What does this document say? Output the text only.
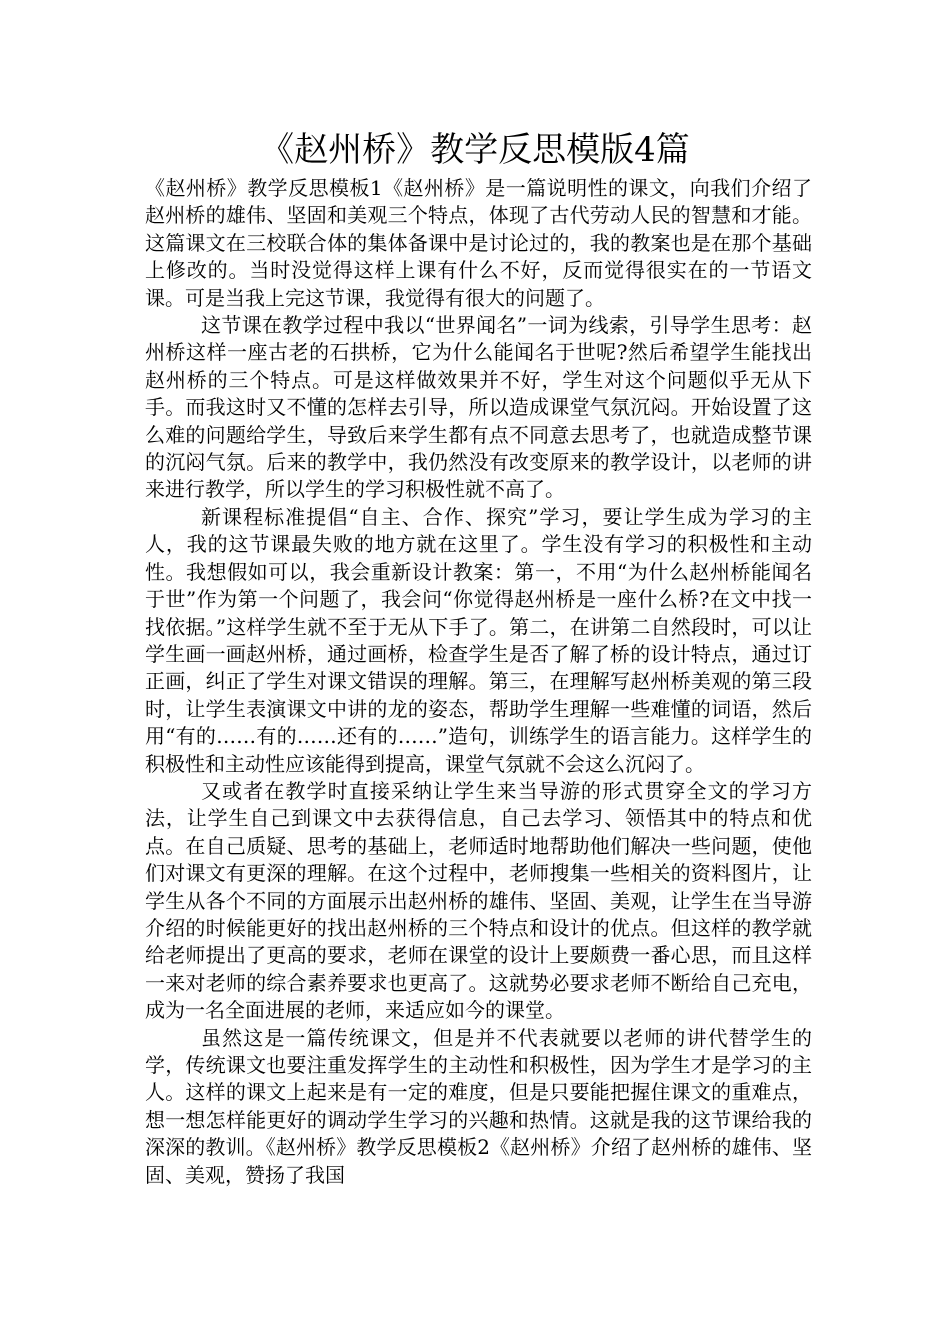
《赵州桥》教学反思模版4篇

《赵州桥》教学反思模板1《赵州桥》是一篇说明性的课文，向我们介绍了赵州桥的雄伟、坚固和美观三个特点，体现了古代劳动人民的智慧和才能。这篇课文在三校联合体的集体备课中是讨论过的，我的教案也是在那个基础上修改的。当时没觉得这样上课有什么不好，反而觉得很实在的一节语文课。可是当我上完这节课，我觉得有很大的问题了。

这节课在教学过程中我以“世界闻名”一词为线索，引导学生思考：赵州桥这样一座古老的石拱桥，它为什么能闻名于世呢?然后希望学生能找出赵州桥的三个特点。可是这样做效果并不好，学生对这个问题似乎无从下手。而我这时又不懂的怎样去引导，所以造成课堂气氛沉闷。开始设置了这么难的问题给学生，导致后来学生都有点不同意去思考了，也就造成整节课的沉闷气氛。后来的教学中，我仍然没有改变原来的教学设计，以老师的讲来进行教学，所以学生的学习积极性就不高了。

新课程标准提倡“自主、合作、探究”学习，要让学生成为学习的主人，我的这节课最失败的地方就在这里了。学生没有学习的积极性和主动性。我想假如可以，我会重新设计教案：第一，不用“为什么赵州桥能闻名于世”作为第一个问题了，我会问“你觉得赵州桥是一座什么桥?在文中找一找依据。”这样学生就不至于无从下手了。第二，在讲第二自然段时，可以让学生画一画赵州桥，通过画桥，检查学生是否了解了桥的设计特点，通过订正画，纠正了学生对课文错误的理解。第三，在理解写赵州桥美观的第三段时，让学生表演课文中讲的龙的姿态，帮助学生理解一些难懂的词语，然后用“有的……有的……还有的……”造句，训练学生的语言能力。这样学生的积极性和主动性应该能得到提高，课堂气氛就不会这么沉闷了。

又或者在教学时直接采纳让学生来当导游的形式贯穿全文的学习方法，让学生自己到课文中去获得信息，自己去学习、领悟其中的特点和优点。在自己质疑、思考的基础上，老师适时地帮助他们解决一些问题，使他们对课文有更深的理解。在这个过程中，老师搜集一些相关的资料图片，让学生从各个不同的方面展示出赵州桥的雄伟、坚固、美观，让学生在当导游介绍的时候能更好的找出赵州桥的三个特点和设计的优点。但这样的教学就给老师提出了更高的要求，老师在课堂的设计上要颇费一番心思，而且这样一来对老师的综合素养要求也更高了。这就势必要求老师不断给自己充电，成为一名全面进展的老师，来适应如今的课堂。

虽然这是一篇传统课文，但是并不代表就要以老师的讲代替学生的学，传统课文也要注重发挥学生的主动性和积极性，因为学生才是学习的主人。这样的课文上起来是有一定的难度，但是只要能把握住课文的重难点，想一想怎样能更好的调动学生学习的兴趣和热情。这就是我的这节课给我的深深的教训。《赵州桥》教学反思模板2《赵州桥》介绍了赵州桥的雄伟、坚固、美观，赞扬了我国
